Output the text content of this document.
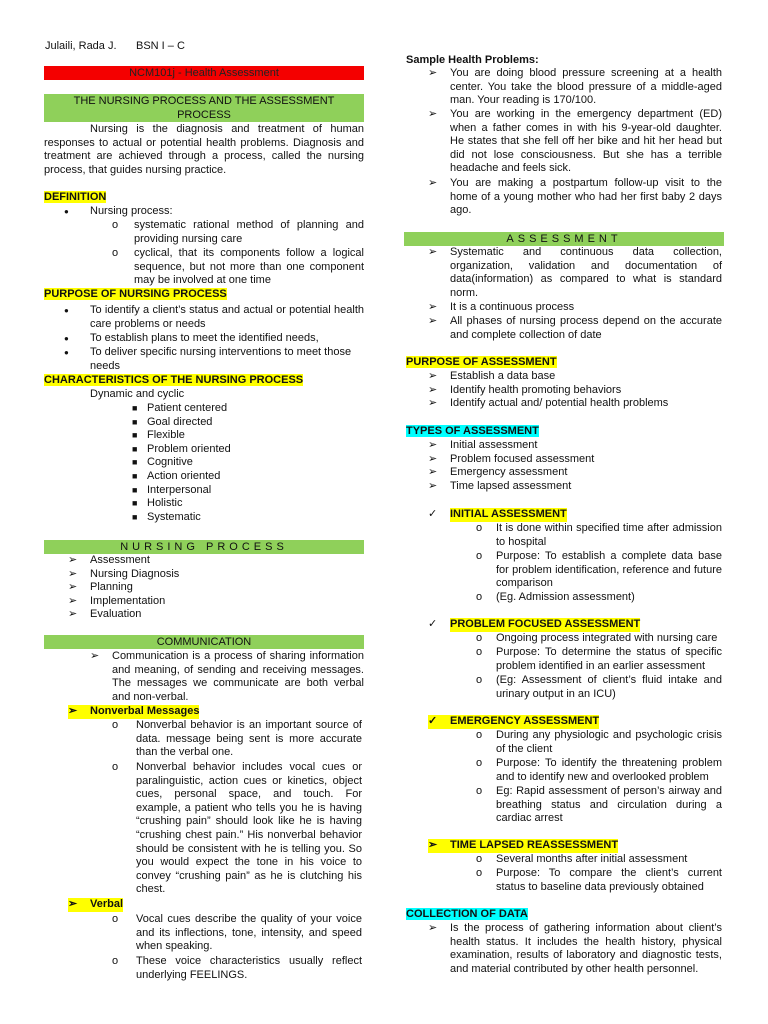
Julaili, Rada J. BSN I – C
NCM101j - Health Assessment
THE NURSING PROCESS AND THE ASSESSMENT PROCESS
Nursing is the diagnosis and treatment of human responses to actual or potential health problems. Diagnosis and treatment are achieved through a process, called the nursing process, that guides nursing practice.
DEFINITION
●	Nursing process:
o	systematic rational method of planning and providing nursing care
o	cyclical, that its components follow a logical sequence, but not more than one component may be involved at one time
PURPOSE OF NURSING PROCESS
●	To identify a client’s status and actual or potential health care problems or needs
●	To establish plans to meet the identified needs,
●	To deliver specific nursing interventions to meet those needs
CHARACTERISTICS OF THE NURSING PROCESS
Dynamic and cyclic
■ Patient centered
■ Goal directed
■ Flexible
■ Problem oriented
■ Cognitive
■ Action oriented
■ Interpersonal
■ Holistic
■ Systematic
NURSING PROCESS
➢	Assessment
➢	Nursing Diagnosis
➢	Planning
➢	Implementation
➢	Evaluation
COMMUNICATION
➢	Communication is a process of sharing information and meaning, of sending and receiving messages. The messages we communicate are both verbal and non-verbal.
➢	Nonverbal Messages
o	Nonverbal behavior is an important source of data. message being sent is more accurate than the verbal one.
o	Nonverbal behavior includes vocal cues or paralinguistic, action cues or kinetics, object cues, personal space, and touch. For example, a patient who tells you he is having “crushing pain” should look like he is having “crushing chest pain.” His nonverbal behavior should be consistent with he is telling you. So you would expect the tone in his voice to convey “crushing pain” as he is clutching his chest.
➢	Verbal
o	Vocal cues describe the quality of your voice and its inflections, tone, intensity, and speed when speaking.
o	These voice characteristics usually reflect underlying FEELINGS.
Sample Health Problems:
➢	You are doing blood pressure screening at a health center. You take the blood pressure of a middle-aged man. Your reading is 170/100.
➢	You are working in the emergency department (ED) when a father comes in with his 9-year-old daughter. He states that she fell off her bike and hit her head but did not lose consciousness. But she has a terrible headache and feels sick.
➢	You are making a postpartum follow-up visit to the home of a young mother who had her first baby 2 days ago.
ASSESSMENT
➢	Systematic and continuous data collection, organization, validation and documentation of data(information) as compared to what is standard norm.
➢	It is a continuous process
➢	All phases of nursing process depend on the accurate and complete collection of date
PURPOSE OF ASSESSMENT
➢	Establish a data base
➢	Identify health promoting behaviors
➢	Identify actual and/ potential health problems
TYPES OF ASSESSMENT
➢	Initial assessment
➢	Problem focused assessment
➢	Emergency assessment
➢	Time lapsed assessment
✓	INITIAL ASSESSMENT
o	It is done within specified time after admission to hospital
o	Purpose: To establish a complete data base for problem identification, reference and future comparison
o	(Eg. Admission assessment)
✓	PROBLEM FOCUSED ASSESSMENT
o	Ongoing process integrated with nursing care
o	Purpose: To determine the status of specific problem identified in an earlier assessment
o	(Eg: Assessment of client’s fluid intake and urinary output in an ICU)
✓	EMERGENCY ASSESSMENT
o	During any physiologic and psychologic crisis of the client
o	Purpose: To identify the threatening problem and to identify new and overlooked problem
o	Eg: Rapid assessment of person’s airway and breathing status and circulation during a cardiac arrest
➢	TIME LAPSED REASSESSMENT
o	Several months after initial assessment
o	Purpose: To compare the client’s current status to baseline data previously obtained
COLLECTION OF DATA
➢	Is the process of gathering information about client’s health status. It includes the health history, physical examination, results of laboratory and diagnostic tests, and material contributed by other health personnel.
